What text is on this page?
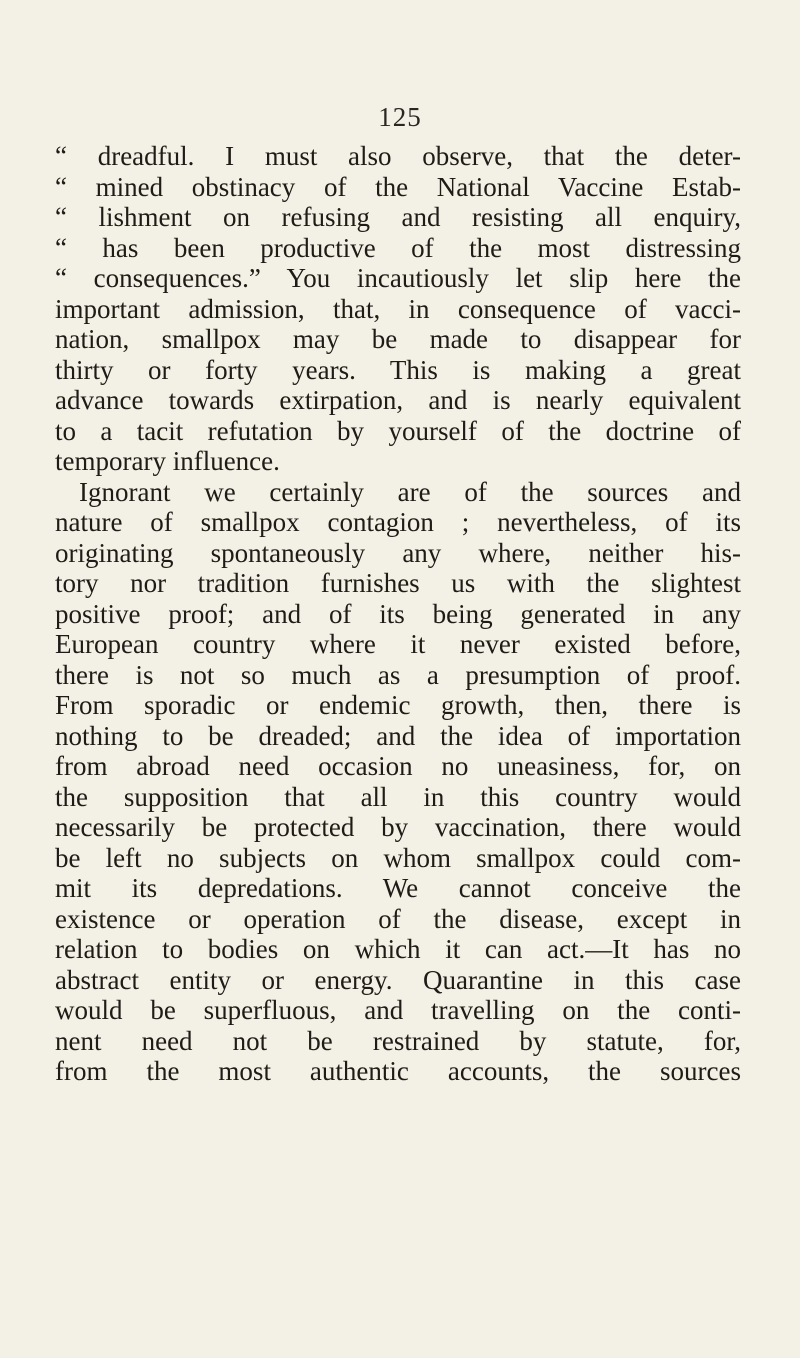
125
“ dreadful. I must also observe, that the deter-
“ mined obstinacy of the National Vaccine Estab-
“ lishment on refusing and resisting all enquiry,
“ has been productive of the most distressing
“ consequences.” You incautiously let slip here the
important admission, that, in consequence of vacci-
nation, smallpox may be made to disappear for
thirty or forty years. This is making a great
advance towards extirpation, and is nearly equivalent
to a tacit refutation by yourself of the doctrine of
temporary influence.
Ignorant we certainly are of the sources and
nature of smallpox contagion ; nevertheless, of its
originating spontaneously any where, neither his-
tory nor tradition furnishes us with the slightest
positive proof; and of its being generated in any
European country where it never existed before,
there is not so much as a presumption of proof.
From sporadic or endemic growth, then, there is
nothing to be dreaded; and the idea of importation
from abroad need occasion no uneasiness, for, on
the supposition that all in this country would
necessarily be protected by vaccination, there would
be left no subjects on whom smallpox could com-
mit its depredations. We cannot conceive the
existence or operation of the disease, except in
relation to bodies on which it can act.—It has no
abstract entity or energy. Quarantine in this case
would be superfluous, and travelling on the conti-
nent need not be restrained by statute, for,
from the most authentic accounts, the sources
